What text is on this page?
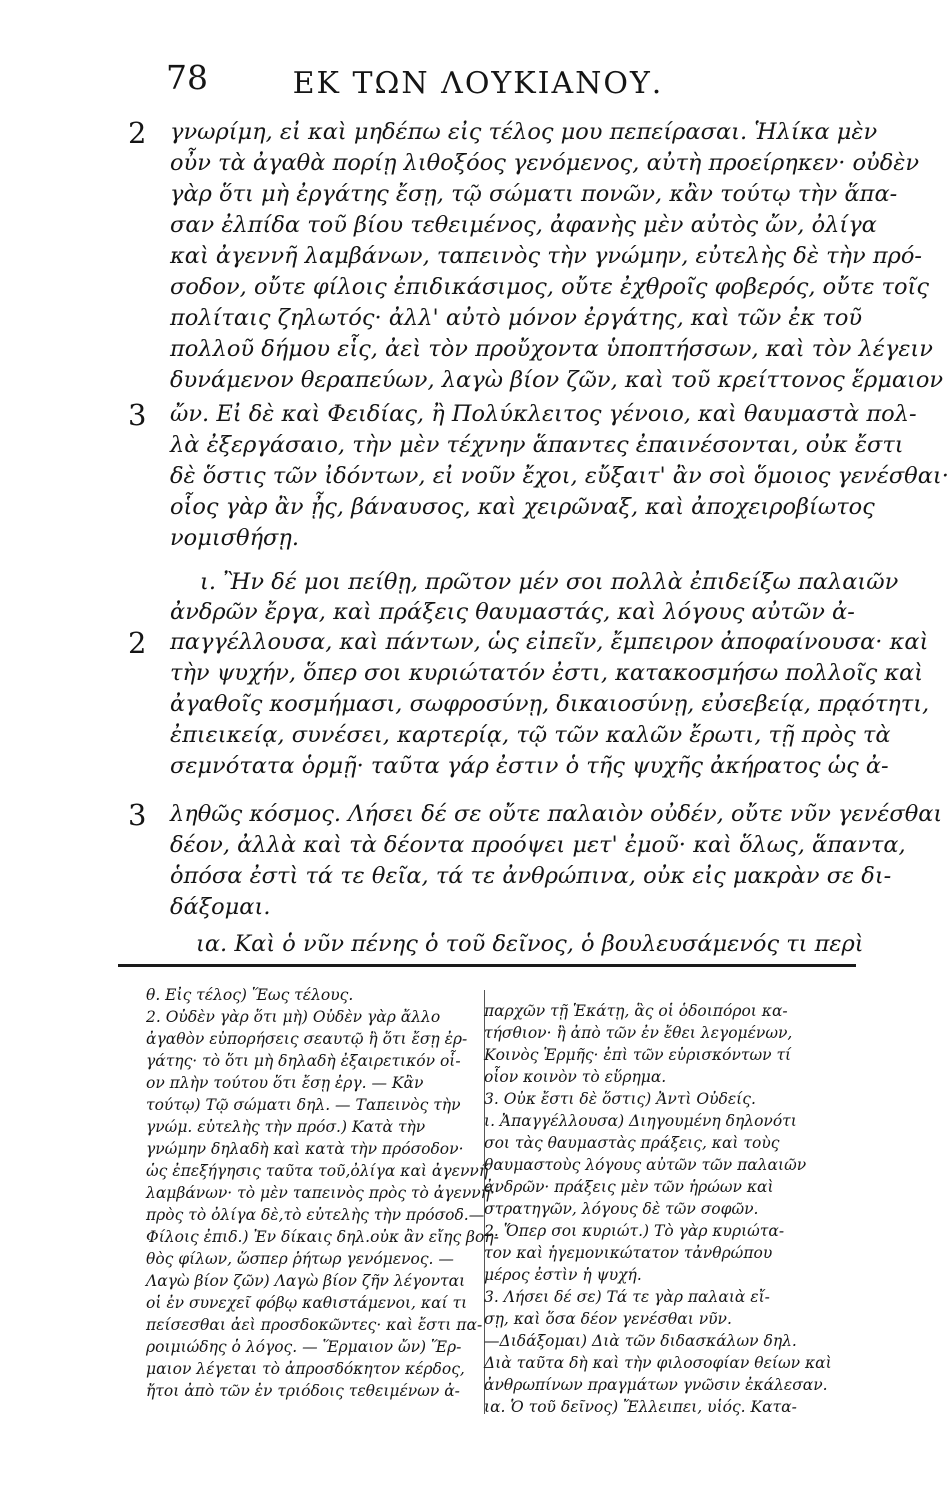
78	ΕΚ ΤΩΝ ΛΟΥΚΙΑΝΟΥ.
2
3
2
3
γνωρίμη, εἰ καὶ μηδέπω εἰς τέλος μου πεπείρασαι. Ἡλίκα μὲν
οὖν τὰ ἀγαθὰ πορίῃ λιθοξόος γενόμενος, αὐτὴ προείρηκεν· οὐδὲν
γὰρ ὅτι μὴ ἐργάτης ἔσῃ, τῷ σώματι πονῶν, κἂν τούτῳ τὴν ἅπα-
σαν ἐλπίδα τοῦ βίου τεθειμένος, ἀφανὴς μὲν αὐτὸς ὤν, ὀλίγα
καὶ ἀγεννῆ λαμβάνων, ταπεινὸς τὴν γνώμην, εὐτελὴς δὲ τὴν πρό-
σοδον, οὔτε φίλοις ἐπιδικάσιμος, οὔτε ἐχθροῖς φοβερός, οὔτε τοῖς
πολίταις ζηλωτός· ἀλλ' αὐτὸ μόνον ἐργάτης, καὶ τῶν ἐκ τοῦ
πολλοῦ δήμου εἷς, ἀεὶ τὸν προὔχοντα ὑποπτήσσων, καὶ τὸν λέγειν
δυνάμενον θεραπεύων, λαγὼ βίον ζῶν, καὶ τοῦ κρείττονος ἕρμαιον
ὤν. Εἰ δὲ καὶ Φειδίας, ἢ Πολύκλειτος γένοιο, καὶ θαυμαστὰ πολ-
λὰ ἐξεργάσαιο, τὴν μὲν τέχνην ἅπαντες ἐπαινέσονται, οὐκ ἔστι
δὲ ὅστις τῶν ἰδόντων, εἰ νοῦν ἔχοι, εὔξαιτ' ἂν σοὶ ὅμοιος γενέσθαι·
οἷος γὰρ ἂν ᾖς, βάναυσος, καὶ χειρῶναξ, καὶ ἀποχειροβίωτος
νομισθήσῃ.
ι. Ἢν δέ μοι πείθῃ, πρῶτον μέν σοι πολλὰ ἐπιδείξω παλαιῶν
ἀνδρῶν ἔργα, καὶ πράξεις θαυμαστάς, καὶ λόγους αὐτῶν ἀ-
παγγέλλουσα, καὶ πάντων, ὡς εἰπεῖν, ἔμπειρον ἀποφαίνουσα· καὶ
τὴν ψυχήν, ὅπερ σοι κυριώτατόν ἐστι, κατακοσμήσω πολλοῖς καὶ
ἀγαθοῖς κοσμήμασι, σωφροσύνῃ, δικαιοσύνῃ, εὐσεβείᾳ, πρᾳότητι,
ἐπιεικείᾳ, συνέσει, καρτερίᾳ, τῷ τῶν καλῶν ἔρωτι, τῇ πρὸς τὰ
σεμνότατα ὁρμῇ· ταῦτα γάρ ἐστιν ὁ τῆς ψυχῆς ἀκήρατος ὡς ἀ-
ληθῶς κόσμος. Λήσει δέ σε οὔτε παλαιὸν οὐδέν, οὔτε νῦν γενέσθαι
δέον, ἀλλὰ καὶ τὰ δέοντα προόψει μετ' ἐμοῦ· καὶ ὅλως, ἅπαντα,
ὁπόσα ἐστὶ τά τε θεῖα, τά τε ἀνθρώπινα, οὐκ εἰς μακρὰν σε δι-
δάξομαι.
ια. Καὶ ὁ νῦν πένης ὁ τοῦ δεῖνος, ὁ βουλευσάμενός τι περὶ
θ. Εἰς τέλος) Ἕως τέλους.
2. Οὐδὲν γὰρ ὅτι μὴ) Οὐδὲν γὰρ ἄλλο
ἀγαθὸν εὐπορήσεις σεαυτῷ ἢ ὅτι ἔσῃ ἐρ-
γάτης· τὸ ὅτι μὴ δηλαδὴ ἐξαιρετικόν οἷ-
ον πλὴν τούτου ὅτι ἔσῃ ἐργ. — Κἂν
τούτῳ) Τῷ σώματι δηλ. — Ταπεινὸς τὴν
γνώμ. εὐτελὴς τὴν πρόσ.) Κατὰ τὴν
γνώμην δηλαδὴ καὶ κατὰ τὴν πρόσοδον·
ὡς ἐπεξήγησις ταῦτα τοῦ,ὀλίγα καὶ ἀγεννῆ
λαμβάνων· τὸ μὲν ταπεινὸς πρὸς τὸ ἀγεννῆ·
πρὸς τὸ ὀλίγα δὲ,τὸ εὐτελὴς τὴν πρόσοδ.—
Φίλοις ἐπιδ.) Ἐν δίκαις δηλ.οὐκ ἂν εἴης βοη-
θὸς φίλων, ὥσπερ ῥήτωρ γενόμενος. —
Λαγὼ βίον ζῶν) Λαγὼ βίον ζῆν λέγονται
οἱ ἐν συνεχεῖ φόβῳ καθιστάμενοι, καί τι
πείσεσθαι ἀεὶ προσδοκῶντες· καὶ ἔστι πα-
ροιμιώδης ὁ λόγος. — Ἕρμαιον ὤν) Ἕρ-
μαιον λέγεται τὸ ἀπροσδόκητον κέρδος,
ἤτοι ἀπὸ τῶν ἐν τριόδοις τεθειμένων ἀ-
παρχῶν τῇ Ἑκάτῃ, ἃς οἱ ὁδοιπόροι κα-
τήσθιον· ἢ ἀπὸ τῶν ἐν ἔθει λεγομένων,
Κοινὸς Ἑρμῆς· ἐπὶ τῶν εὑρισκόντων τί
οἷον κοινὸν τὸ εὕρημα.
3. Οὐκ ἔστι δὲ ὅστις) Ἀντὶ Οὐδείς.
ι. Ἀπαγγέλλουσα) Διηγουμένη δηλονότι
σοι τὰς θαυμαστὰς πράξεις, καὶ τοὺς
θαυμαστοὺς λόγους αὐτῶν τῶν παλαιῶν
ἀνδρῶν· πράξεις μὲν τῶν ἡρώων καὶ
στρατηγῶν, λόγους δὲ τῶν σοφῶν.
2. Ὅπερ σοι κυριώτ.) Τὸ γὰρ κυριώτα-
τον καὶ ἡγεμονικώτατον τἀνθρώπου
μέρος ἐστὶν ἡ ψυχή.
3. Λήσει δέ σε) Τά τε γὰρ παλαιὰ εἴ-
σῃ, καὶ ὅσα δέον γενέσθαι νῦν.
—Διδάξομαι) Διὰ τῶν διδασκάλων δηλ.
Διὰ ταῦτα δὴ καὶ τὴν φιλοσοφίαν θείων καὶ
ἀνθρωπίνων πραγμάτων γνῶσιν ἐκάλεσαν.
ια. Ὁ τοῦ δεῖνος) Ἔλλειπει, υἱός. Κατα-
